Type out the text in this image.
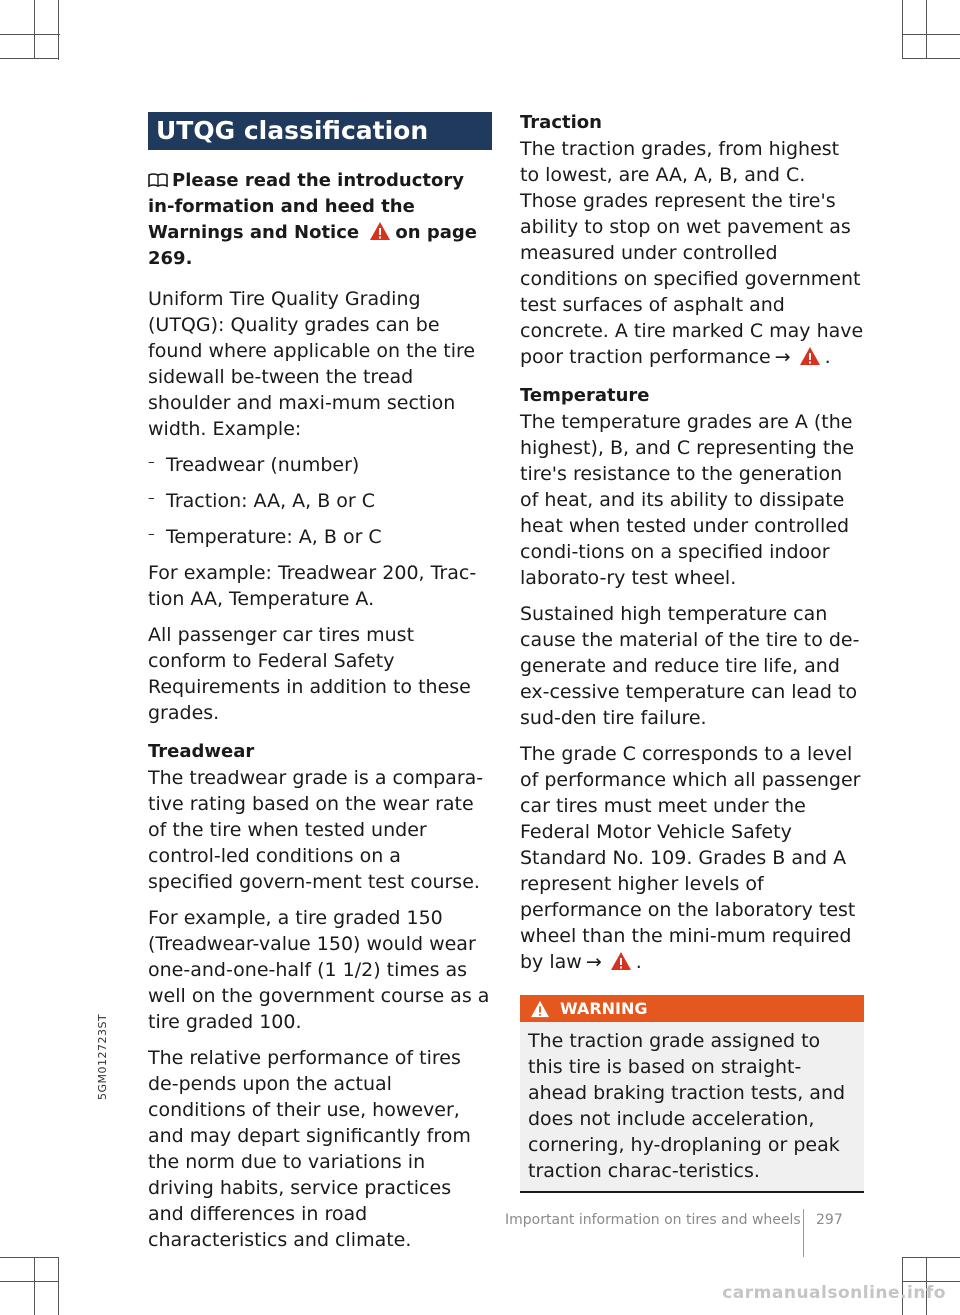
UTQG classification

Please read the introductory in-formation and heed the Warnings and Notice on page 269.

Uniform Tire Quality Grading (UTQG): Quality grades can be found where applicable on the tire sidewall be-tween the tread shoulder and maxi-mum section width. Example:

– Treadwear (number)

– Traction: AA, A, B or C

– Temperature: A, B or C

For example: Treadwear 200, Trac-tion AA, Temperature A.

All passenger car tires must conform to Federal Safety Requirements in addition to these grades.

Treadwear

The treadwear grade is a compara-tive rating based on the wear rate of the tire when tested under control-led conditions on a specified govern-ment test course.

For example, a tire graded 150 (Treadwear-value 150) would wear one-and-one-half (1 1/2) times as well on the government course as a tire graded 100.

The relative performance of tires de-pends upon the actual conditions of their use, however, and may depart significantly from the norm due to variations in driving habits, service practices and differences in road characteristics and climate.

Traction

The traction grades, from highest to lowest, are AA, A, B, and C. Those grades represent the tire's ability to stop on wet pavement as measured under controlled conditions on specified government test surfaces of asphalt and concrete. A tire marked C may have poor traction performance → .

Temperature

The temperature grades are A (the highest), B, and C representing the tire's resistance to the generation of heat, and its ability to dissipate heat when tested under controlled condi-tions on a specified indoor laborato-ry test wheel.

Sustained high temperature can cause the material of the tire to de-generate and reduce tire life, and ex-cessive temperature can lead to sud-den tire failure.

The grade C corresponds to a level of performance which all passenger car tires must meet under the Federal Motor Vehicle Safety Standard No. 109. Grades B and A represent higher levels of performance on the laboratory test wheel than the mini-mum required by law → .

WARNING

The traction grade assigned to this tire is based on straight-ahead braking traction tests, and does not include acceleration, cornering, hy-droplaning or peak traction charac-teristics.

5GM012723ST
Important information on tires and wheels 297
carmanualsonline.info
